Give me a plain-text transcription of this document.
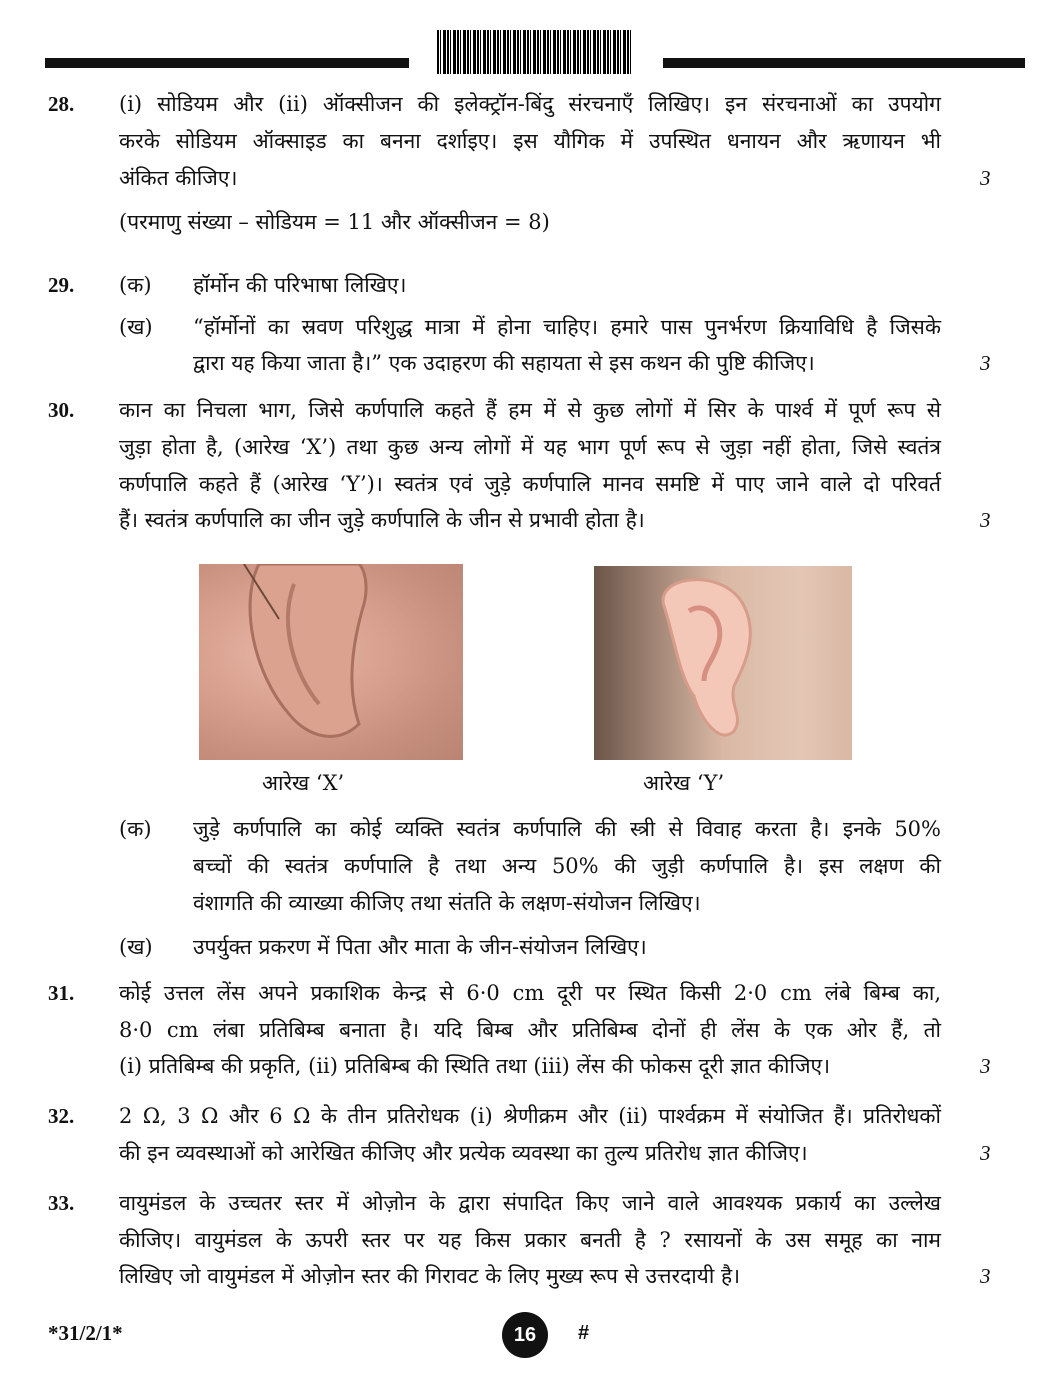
28. (i) सोडियम और (ii) ऑक्सीजन की इलेक्ट्रॉन-बिंदु संरचनाएँ लिखिए। इन संरचनाओं का उपयोग
करके सोडियम ऑक्साइड का बनना दर्शाइए। इस यौगिक में उपस्थित धनायन और ऋणायन भी
अंकित कीजिए।	3
(परमाणु संख्या – सोडियम = 11 और ऑक्सीजन = 8)
29. (क) हॉर्मोन की परिभाषा लिखिए।
(ख) “हॉर्मोनों का स्रवण परिशुद्ध मात्रा में होना चाहिए। हमारे पास पुनर्भरण क्रियाविधि है जिसके
द्वारा यह किया जाता है।” एक उदाहरण की सहायता से इस कथन की पुष्टि कीजिए।	3
30. कान का निचला भाग, जिसे कर्णपालि कहते हैं हम में से कुछ लोगों में सिर के पार्श्व में पूर्ण रूप से
जुड़ा होता है, (आरेख ‘X’) तथा कुछ अन्य लोगों में यह भाग पूर्ण रूप से जुड़ा नहीं होता, जिसे स्वतंत्र
कर्णपालि कहते हैं (आरेख ‘Y’)। स्वतंत्र एवं जुड़े कर्णपालि मानव समष्टि में पाए जाने वाले दो परिवर्त
हैं। स्वतंत्र कर्णपालि का जीन जुड़े कर्णपालि के जीन से प्रभावी होता है।	3
आरेख ‘X’	आरेख ‘Y’
(क) जुड़े कर्णपालि का कोई व्यक्ति स्वतंत्र कर्णपालि की स्त्री से विवाह करता है। इनके 50%
बच्चों की स्वतंत्र कर्णपालि है तथा अन्य 50% की जुड़ी कर्णपालि है। इस लक्षण की
वंशागति की व्याख्या कीजिए तथा संतति के लक्षण-संयोजन लिखिए।
(ख) उपर्युक्त प्रकरण में पिता और माता के जीन-संयोजन लिखिए।
31. कोई उत्तल लेंस अपने प्रकाशिक केन्द्र से 6·0 cm दूरी पर स्थित किसी 2·0 cm लंबे बिम्ब का,
8·0 cm लंबा प्रतिबिम्ब बनाता है। यदि बिम्ब और प्रतिबिम्ब दोनों ही लेंस के एक ओर हैं, तो
(i) प्रतिबिम्ब की प्रकृति, (ii) प्रतिबिम्ब की स्थिति तथा (iii) लेंस की फोकस दूरी ज्ञात कीजिए।	3
32. 2 Ω, 3 Ω और 6 Ω के तीन प्रतिरोधक (i) श्रेणीक्रम और (ii) पार्श्वक्रम में संयोजित हैं। प्रतिरोधकों
की इन व्यवस्थाओं को आरेखित कीजिए और प्रत्येक व्यवस्था का तुल्य प्रतिरोध ज्ञात कीजिए।	3
33. वायुमंडल के उच्चतर स्तर में ओज़ोन के द्वारा संपादित किए जाने वाले आवश्यक प्रकार्य का उल्लेख
कीजिए। वायुमंडल के ऊपरी स्तर पर यह किस प्रकार बनती है ? रसायनों के उस समूह का नाम
लिखिए जो वायुमंडल में ओज़ोन स्तर की गिरावट के लिए मुख्य रूप से उत्तरदायी है।	3
*31/2/1*	16	#
